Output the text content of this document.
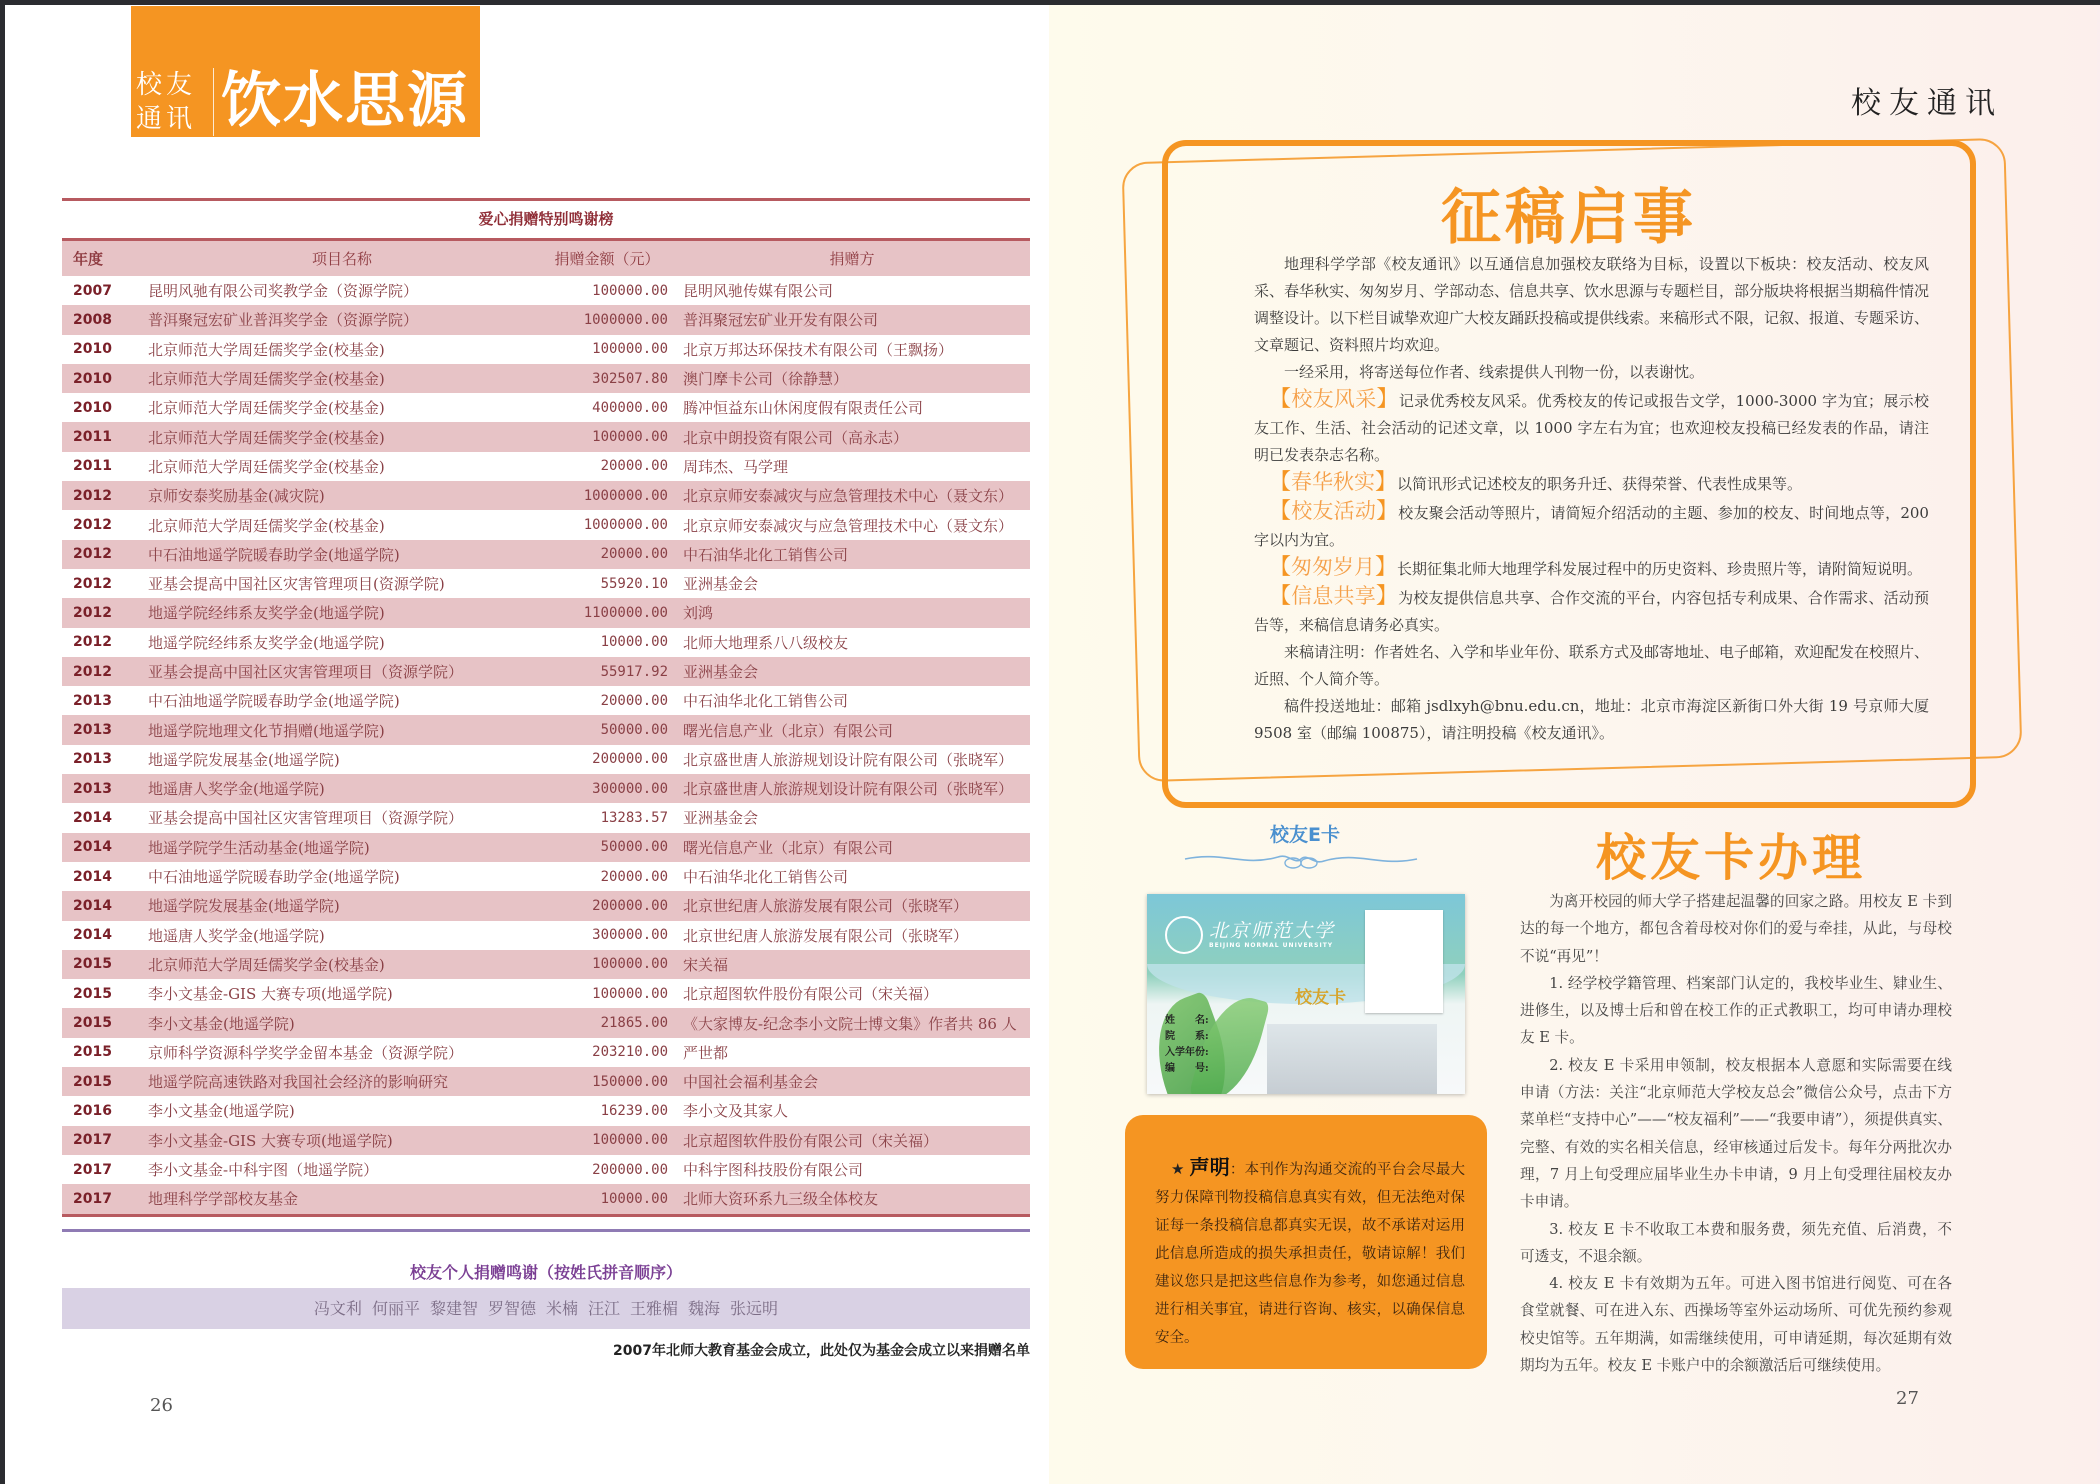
校友
通讯 饮水思源
爱心捐赠特别鸣谢榜
年度	项目名称	捐赠金额（元）	捐赠方
2007	昆明风驰有限公司奖教学金（资源学院）	100000.00	昆明风驰传媒有限公司
2008	普洱聚冠宏矿业普洱奖学金（资源学院）	1000000.00	普洱聚冠宏矿业开发有限公司
2010	北京师范大学周廷儒奖学金(校基金)	100000.00	北京万邦达环保技术有限公司（王飘扬）
2010	北京师范大学周廷儒奖学金(校基金)	302507.80	澳门摩卡公司（徐静慧）
2010	北京师范大学周廷儒奖学金(校基金)	400000.00	腾冲恒益东山休闲度假有限责任公司
2011	北京师范大学周廷儒奖学金(校基金)	100000.00	北京中朗投资有限公司（高永志）
2011	北京师范大学周廷儒奖学金(校基金)	20000.00	周玮杰、马学理
2012	京师安泰奖励基金(减灾院)	1000000.00	北京京师安泰减灾与应急管理技术中心（聂文东）
2012	北京师范大学周廷儒奖学金(校基金)	1000000.00	北京京师安泰减灾与应急管理技术中心（聂文东）
2012	中石油地遥学院暖春助学金(地遥学院)	20000.00	中石油华北化工销售公司
2012	亚基会提高中国社区灾害管理项目(资源学院)	55920.10	亚洲基金会
2012	地遥学院经纬系友奖学金(地遥学院)	1100000.00	刘鸿
2012	地遥学院经纬系友奖学金(地遥学院)	10000.00	北师大地理系八八级校友
2012	亚基会提高中国社区灾害管理项目（资源学院）	55917.92	亚洲基金会
2013	中石油地遥学院暖春助学金(地遥学院)	20000.00	中石油华北化工销售公司
2013	地遥学院地理文化节捐赠(地遥学院)	50000.00	曙光信息产业（北京）有限公司
2013	地遥学院发展基金(地遥学院)	200000.00	北京盛世唐人旅游规划设计院有限公司（张晓军）
2013	地遥唐人奖学金(地遥学院)	300000.00	北京盛世唐人旅游规划设计院有限公司（张晓军）
2014	亚基会提高中国社区灾害管理项目（资源学院）	13283.57	亚洲基金会
2014	地遥学院学生活动基金(地遥学院)	50000.00	曙光信息产业（北京）有限公司
2014	中石油地遥学院暖春助学金(地遥学院)	20000.00	中石油华北化工销售公司
2014	地遥学院发展基金(地遥学院)	200000.00	北京世纪唐人旅游发展有限公司（张晓军）
2014	地遥唐人奖学金(地遥学院)	300000.00	北京世纪唐人旅游发展有限公司（张晓军）
2015	北京师范大学周廷儒奖学金(校基金)	100000.00	宋关福
2015	李小文基金-GIS 大赛专项(地遥学院)	100000.00	北京超图软件股份有限公司（宋关福）
2015	李小文基金(地遥学院)	21865.00	《大家博友-纪念李小文院士博文集》作者共 86 人
2015	京师科学资源科学奖学金留本基金（资源学院）	203210.00	严世都
2015	地遥学院高速铁路对我国社会经济的影响研究	150000.00	中国社会福利基金会
2016	李小文基金(地遥学院)	16239.00	李小文及其家人
2017	李小文基金-GIS 大赛专项(地遥学院)	100000.00	北京超图软件股份有限公司（宋关福）
2017	李小文基金-中科宇图（地遥学院）	200000.00	中科宇图科技股份有限公司
2017	地理科学学部校友基金	10000.00	北师大资环系九三级全体校友
校友个人捐赠鸣谢（按姓氏拼音顺序）
冯文利 何丽平 黎建智 罗智德 米楠 汪江 王雅楣 魏海 张远明
2007年北师大教育基金会成立，此处仅为基金会成立以来捐赠名单
26
校友通讯
征稿启事

地理科学学部《校友通讯》以互通信息加强校友联络为目标，设置以下板块：校友活动、校友风采、春华秋实、匆匆岁月、学部动态、信息共享、饮水思源与专题栏目，部分版块将根据当期稿件情况调整设计。以下栏目诚挚欢迎广大校友踊跃投稿或提供线索。来稿形式不限，记叙、报道、专题采访、文章题记、资料照片均欢迎。

一经采用，将寄送每位作者、线索提供人刊物一份，以表谢忱。

【校友风采】记录优秀校友风采。优秀校友的传记或报告文学，1000-3000 字为宜；展示校友工作、生活、社会活动的记述文章，以 1000 字左右为宜；也欢迎校友投稿已经发表的作品，请注明已发表杂志名称。

【春华秋实】以简讯形式记述校友的职务升迁、获得荣誉、代表性成果等。

【校友活动】校友聚会活动等照片，请简短介绍活动的主题、参加的校友、时间地点等，200 字以内为宜。

【匆匆岁月】长期征集北师大地理学科发展过程中的历史资料、珍贵照片等，请附简短说明。

【信息共享】为校友提供信息共享、合作交流的平台，内容包括专利成果、合作需求、活动预告等，来稿信息请务必真实。

来稿请注明：作者姓名、入学和毕业年份、联系方式及邮寄地址、电子邮箱，欢迎配发在校照片、近照、个人简介等。

稿件投送地址：邮箱 jsdlxyh@bnu.edu.cn，地址：北京市海淀区新街口外大街 19 号京师大厦 9508 室（邮编 100875），请注明投稿《校友通讯》。

校友E卡
北京师范大学
BEIJING NORMAL UNIVERSITY
校友卡
姓　　名:
院　　系:
入学年份:
编　　号:
★ 声明：本刊作为沟通交流的平台会尽最大努力保障刊物投稿信息真实有效，但无法绝对保证每一条投稿信息都真实无误，故不承诺对运用此信息所造成的损失承担责任，敬请谅解！我们建议您只是把这些信息作为参考，如您通过信息进行相关事宜，请进行咨询、核实，以确保信息安全。
校友卡办理

为离开校园的师大学子搭建起温馨的回家之路。用校友 E 卡到达的每一个地方，都包含着母校对你们的爱与牵挂，从此，与母校不说“再见”！

1. 经学校学籍管理、档案部门认定的，我校毕业生、肄业生、进修生，以及博士后和曾在校工作的正式教职工，均可申请办理校友 E 卡。

2. 校友 E 卡采用申领制，校友根据本人意愿和实际需要在线申请（方法：关注“北京师范大学校友总会”微信公众号，点击下方菜单栏“支持中心”——“校友福利”——“我要申请”），须提供真实、完整、有效的实名相关信息，经审核通过后发卡。每年分两批次办理，7 月上旬受理应届毕业生办卡申请，9 月上旬受理往届校友办卡申请。

3. 校友 E 卡不收取工本费和服务费，须先充值、后消费，不可透支，不退余额。

4. 校友 E 卡有效期为五年。可进入图书馆进行阅览、可在各食堂就餐、可在进入东、西操场等室外运动场所、可优先预约参观校史馆等。五年期满，如需继续使用，可申请延期，每次延期有效期均为五年。校友 E 卡账户中的余额激活后可继续使用。

27
